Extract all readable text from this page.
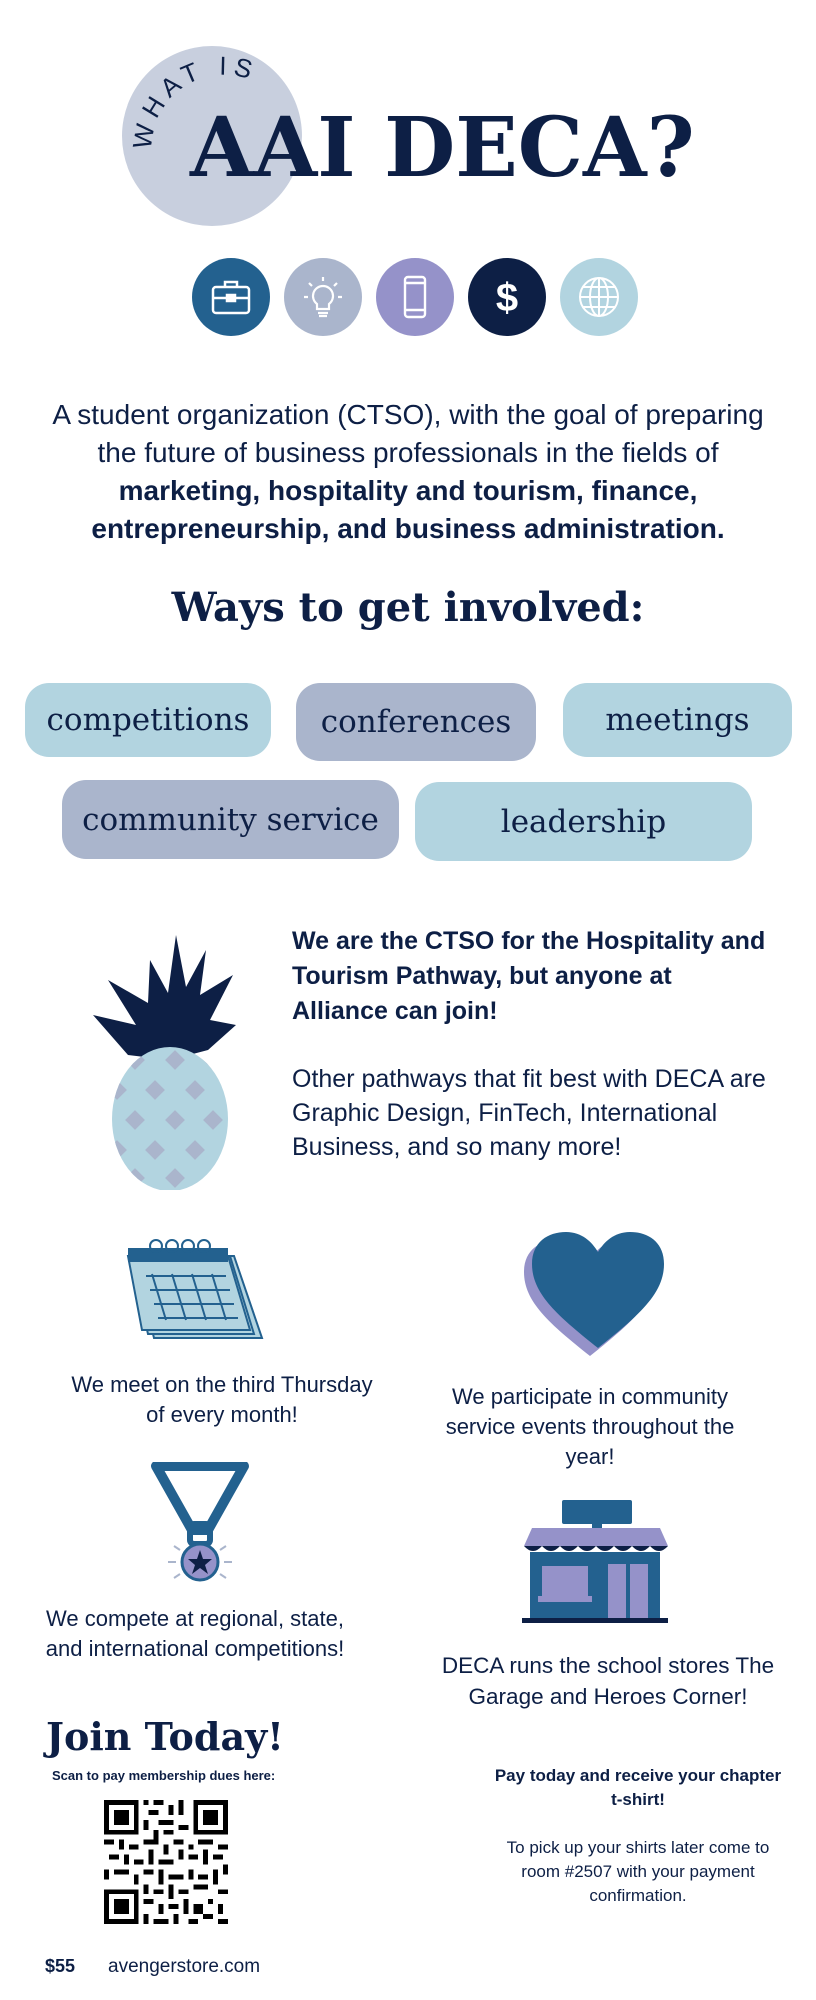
WHAT IS
AAI DECA?
$
A student organization (CTSO), with the goal of preparing the future of business professionals in the fields of marketing, hospitality and tourism, finance, entrepreneurship, and business administration.
Ways to get involved:
competitions	conferences	meetings
community service	leadership
We are the CTSO for the Hospitality and Tourism Pathway, but anyone at Alliance can join!
Other pathways that fit best with DECA are Graphic Design, FinTech, International Business, and so many more!
We meet on the third Thursday of every month!
We participate in community service events throughout the year!
We compete at regional, state, and international competitions!
DECA runs the school stores The Garage and Heroes Corner!
Join Today!
Scan to pay membership dues here:
$55 avengerstore.com
Pay today and receive your chapter t-shirt!
To pick up your shirts later come to room #2507 with your payment confirmation.
